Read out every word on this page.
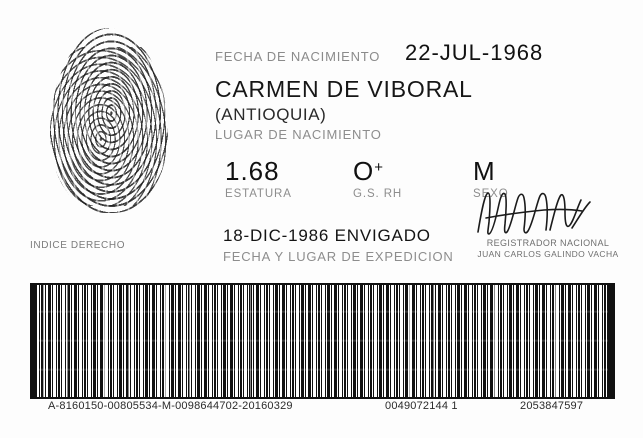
INDICE DERECHO
FECHA DE NACIMIENTO 22-JUL-1968
CARMEN DE VIBORAL
(ANTIOQUIA)
LUGAR DE NACIMIENTO
1.68
ESTATURA
O+
G.S. RH
M
SEXO
18-DIC-1986 ENVIGADO
FECHA Y LUGAR DE EXPEDICION
REGISTRADOR NACIONAL
JUAN CARLOS GALINDO VACHA
A-8160150-00805534-M-0098644702-20160329	0049072144 1	2053847597
